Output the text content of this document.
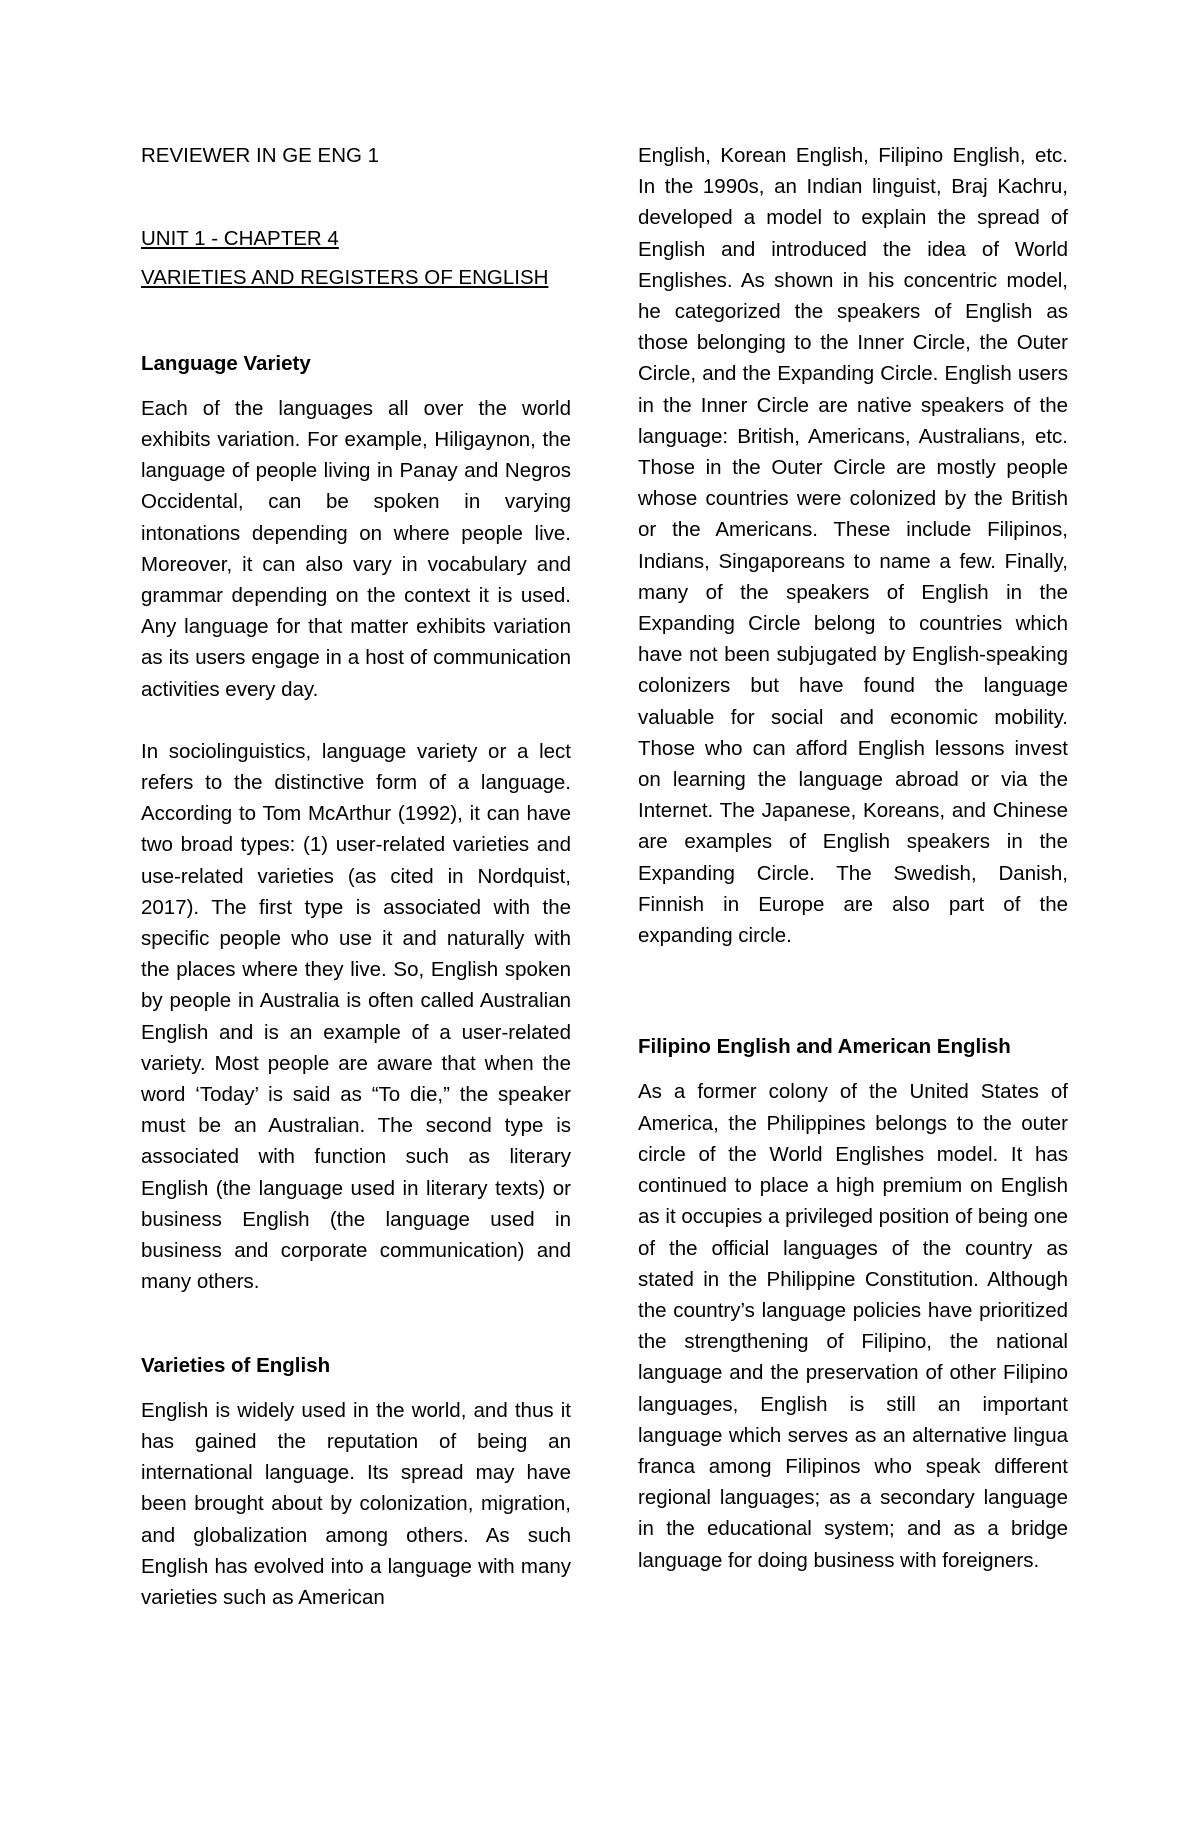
REVIEWER IN GE ENG 1

UNIT 1 - CHAPTER 4

VARIETIES AND REGISTERS OF ENGLISH

Language Variety

Each of the languages all over the world exhibits variation. For example, Hiligaynon, the language of people living in Panay and Negros Occidental, can be spoken in varying intonations depending on where people live. Moreover, it can also vary in vocabulary and grammar depending on the context it is used. Any language for that matter exhibits variation as its users engage in a host of communication activities every day.

In sociolinguistics, language variety or a lect refers to the distinctive form of a language. According to Tom McArthur (1992), it can have two broad types: (1) user-related varieties and use-related varieties (as cited in Nordquist, 2017). The first type is associated with the specific people who use it and naturally with the places where they live. So, English spoken by people in Australia is often called Australian English and is an example of a user-related variety. Most people are aware that when the word ‘Today’ is said as “To die,” the speaker must be an Australian. The second type is associated with function such as literary English (the language used in literary texts) or business English (the language used in business and corporate communication) and many others.

Varieties of English

English is widely used in the world, and thus it has gained the reputation of being an international language. Its spread may have been brought about by colonization, migration, and globalization among others. As such English has evolved into a language with many varieties such as American

English, Korean English, Filipino English, etc. In the 1990s, an Indian linguist, Braj Kachru, developed a model to explain the spread of English and introduced the idea of World Englishes. As shown in his concentric model, he categorized the speakers of English as those belonging to the Inner Circle, the Outer Circle, and the Expanding Circle. English users in the Inner Circle are native speakers of the language: British, Americans, Australians, etc. Those in the Outer Circle are mostly people whose countries were colonized by the British or the Americans. These include Filipinos, Indians, Singaporeans to name a few. Finally, many of the speakers of English in the Expanding Circle belong to countries which have not been subjugated by English-speaking colonizers but have found the language valuable for social and economic mobility. Those who can afford English lessons invest on learning the language abroad or via the Internet. The Japanese, Koreans, and Chinese are examples of English speakers in the Expanding Circle. The Swedish, Danish, Finnish in Europe are also part of the expanding circle.

Filipino English and American English

As a former colony of the United States of America, the Philippines belongs to the outer circle of the World Englishes model. It has continued to place a high premium on English as it occupies a privileged position of being one of the official languages of the country as stated in the Philippine Constitution. Although the country’s language policies have prioritized the strengthening of Filipino, the national language and the preservation of other Filipino languages, English is still an important language which serves as an alternative lingua franca among Filipinos who speak different regional languages; as a secondary language in the educational system; and as a bridge language for doing business with foreigners.
